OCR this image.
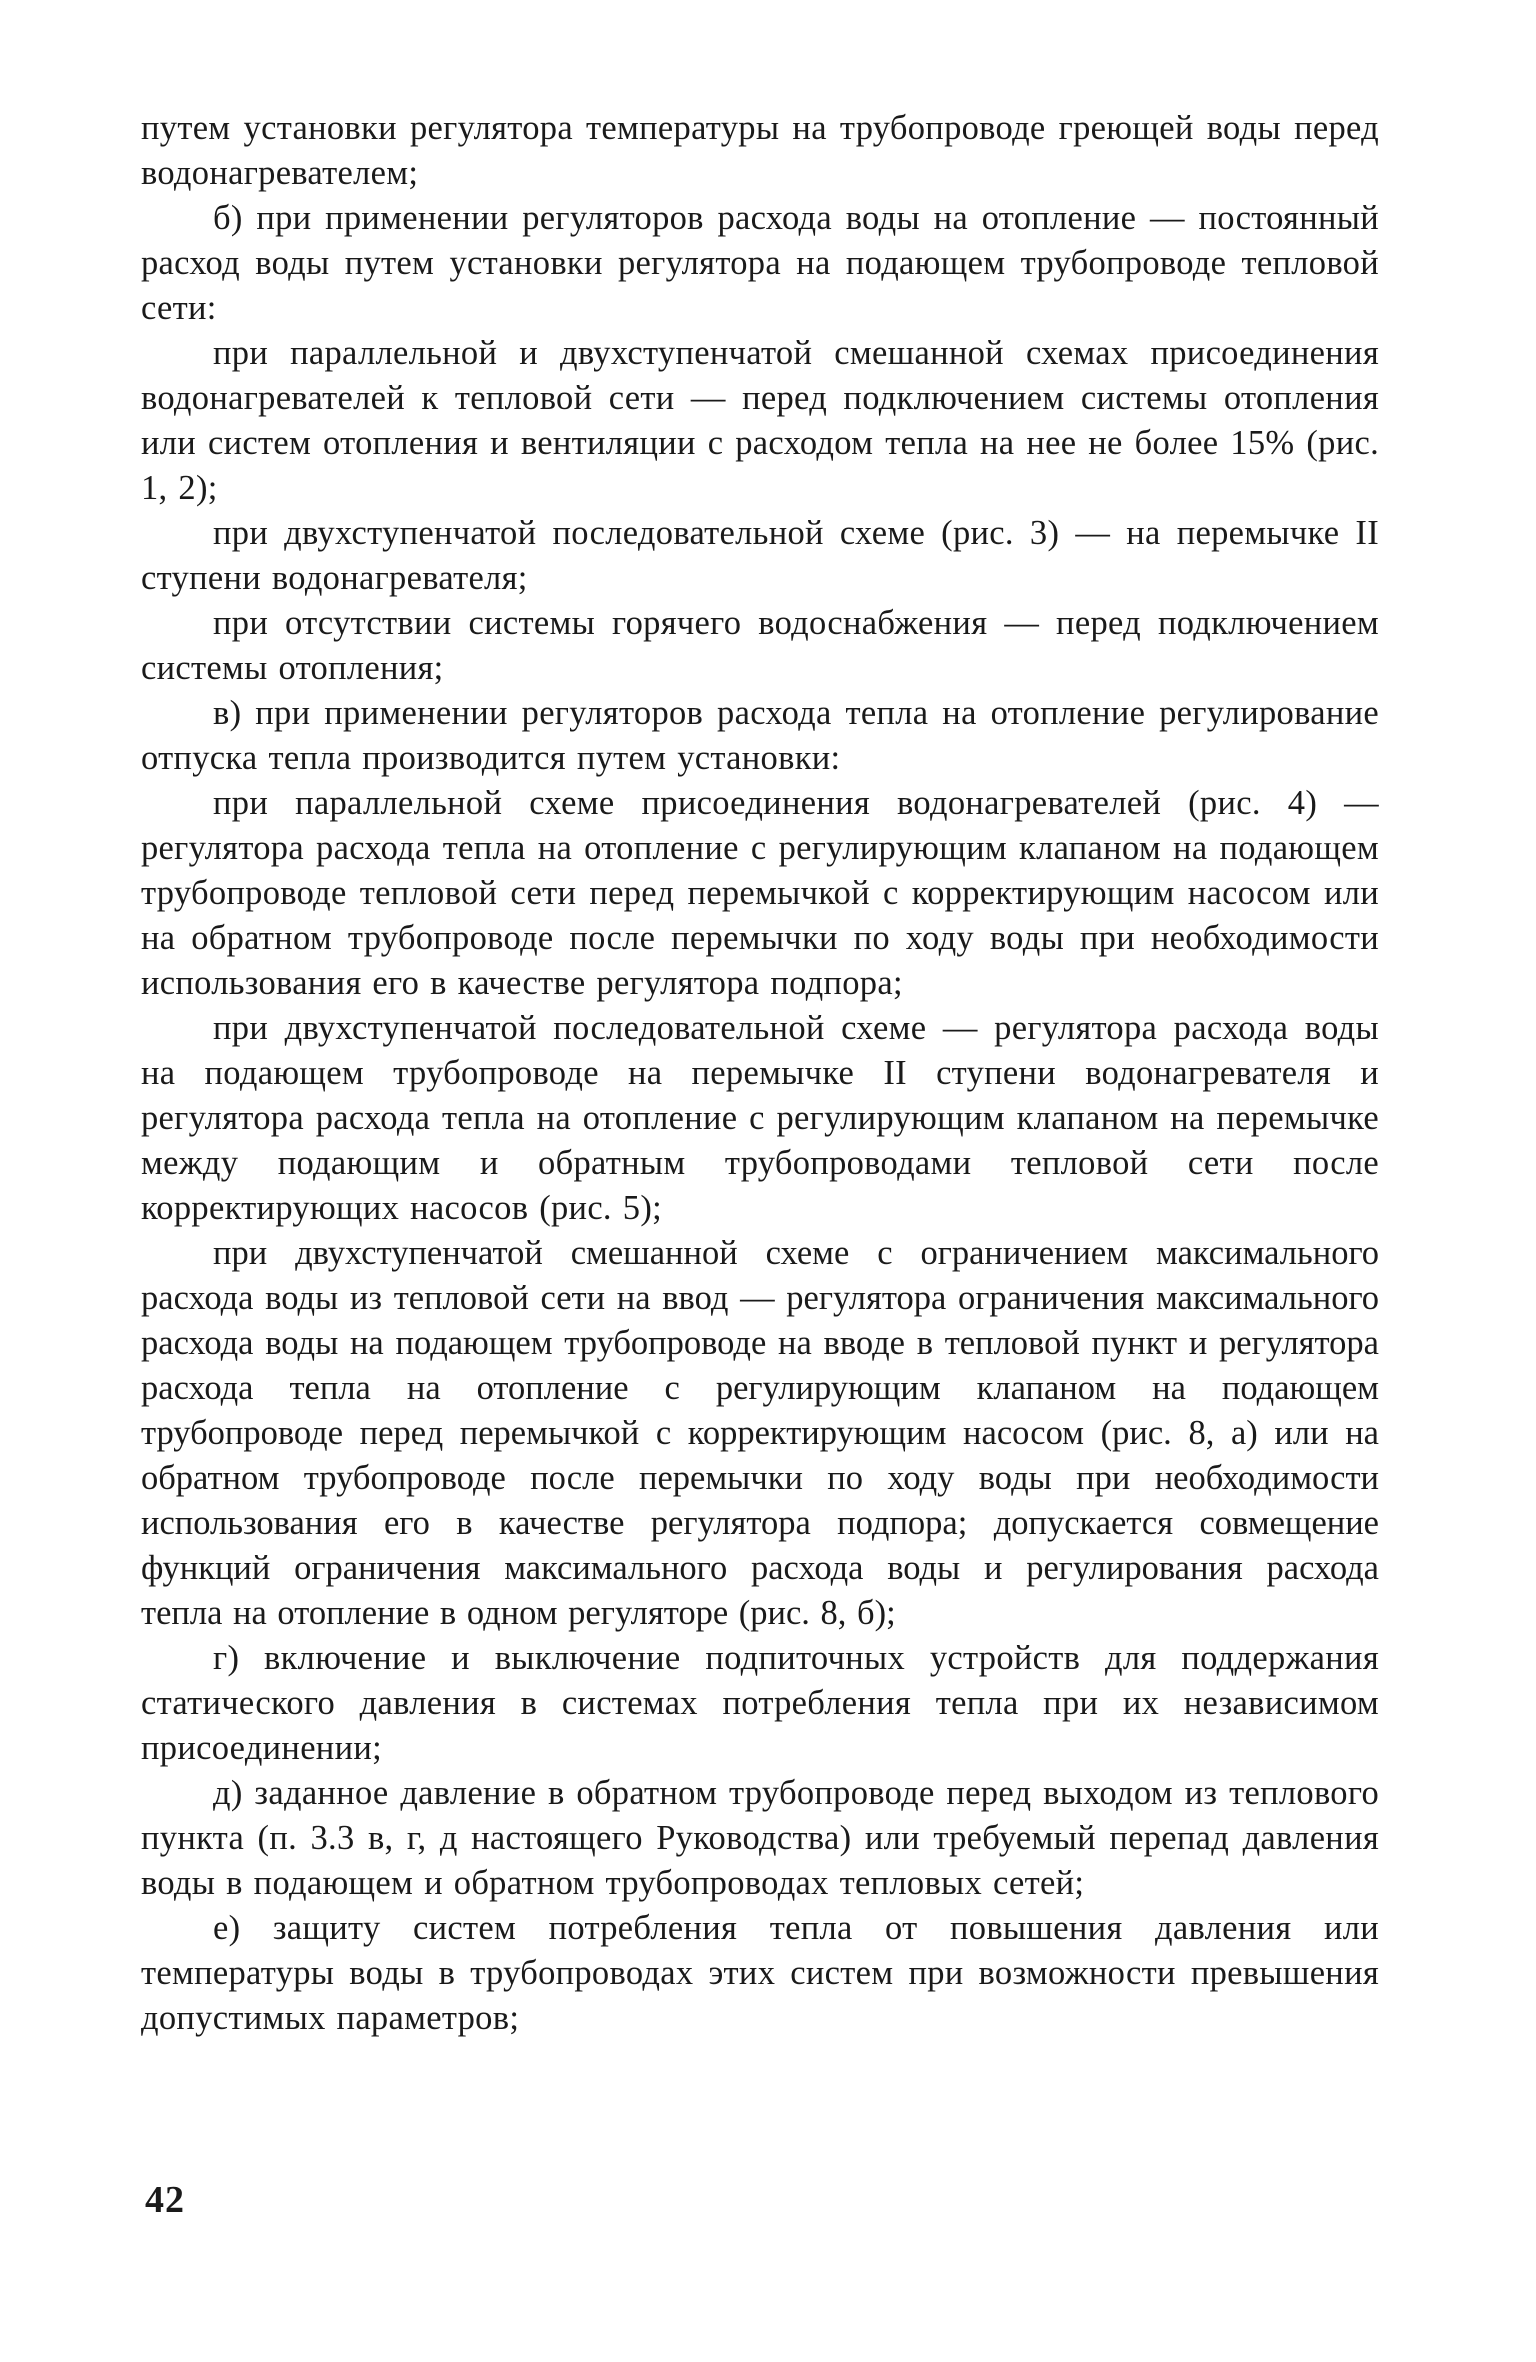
путем установки регулятора температуры на трубопроводе греющей воды перед водонагревателем;

б) при применении регуляторов расхода воды на отопление — постоянный расход воды путем установки регулятора на подающем трубопроводе тепловой сети:

при параллельной и двухступенчатой смешанной схемах присоединения водонагревателей к тепловой сети — перед подключением системы отопления или систем отопления и вентиляции с расходом тепла на нее не более 15% (рис. 1, 2);

при двухступенчатой последовательной схеме (рис. 3) — на перемычке II ступени водонагревателя;

при отсутствии системы горячего водоснабжения — перед подключением системы отопления;

в) при применении регуляторов расхода тепла на отопление регулирование отпуска тепла производится путем установки:

при параллельной схеме присоединения водонагревателей (рис. 4) — регулятора расхода тепла на отопление с регулирующим клапаном на подающем трубопроводе тепловой сети перед перемычкой с корректирующим насосом или на обратном трубопроводе после перемычки по ходу воды при необходимости использования его в качестве регулятора подпора;

при двухступенчатой последовательной схеме — регулятора расхода воды на подающем трубопроводе на перемычке II ступени водонагревателя и регулятора расхода тепла на отопление с регулирующим клапаном на перемычке между подающим и обратным трубопроводами тепловой сети после корректирующих насосов (рис. 5);

при двухступенчатой смешанной схеме с ограничением максимального расхода воды из тепловой сети на ввод — регулятора ограничения максимального расхода воды на подающем трубопроводе на вводе в тепловой пункт и регулятора расхода тепла на отопление с регулирующим клапаном на подающем трубопроводе перед перемычкой с корректирующим насосом (рис. 8, а) или на обратном трубопроводе после перемычки по ходу воды при необходимости использования его в качестве регулятора подпора; допускается совмещение функций ограничения максимального расхода воды и регулирования расхода тепла на отопление в одном регуляторе (рис. 8, б);

г) включение и выключение подпиточных устройств для поддержания статического давления в системах потребления тепла при их независимом присоединении;

д) заданное давление в обратном трубопроводе перед выходом из теплового пункта (п. 3.3 в, г, д настоящего Руководства) или требуемый перепад давления воды в подающем и обратном трубопроводах тепловых сетей;

е) защиту систем потребления тепла от повышения давления или температуры воды в трубопроводах этих систем при возможности превышения допустимых параметров;

42
